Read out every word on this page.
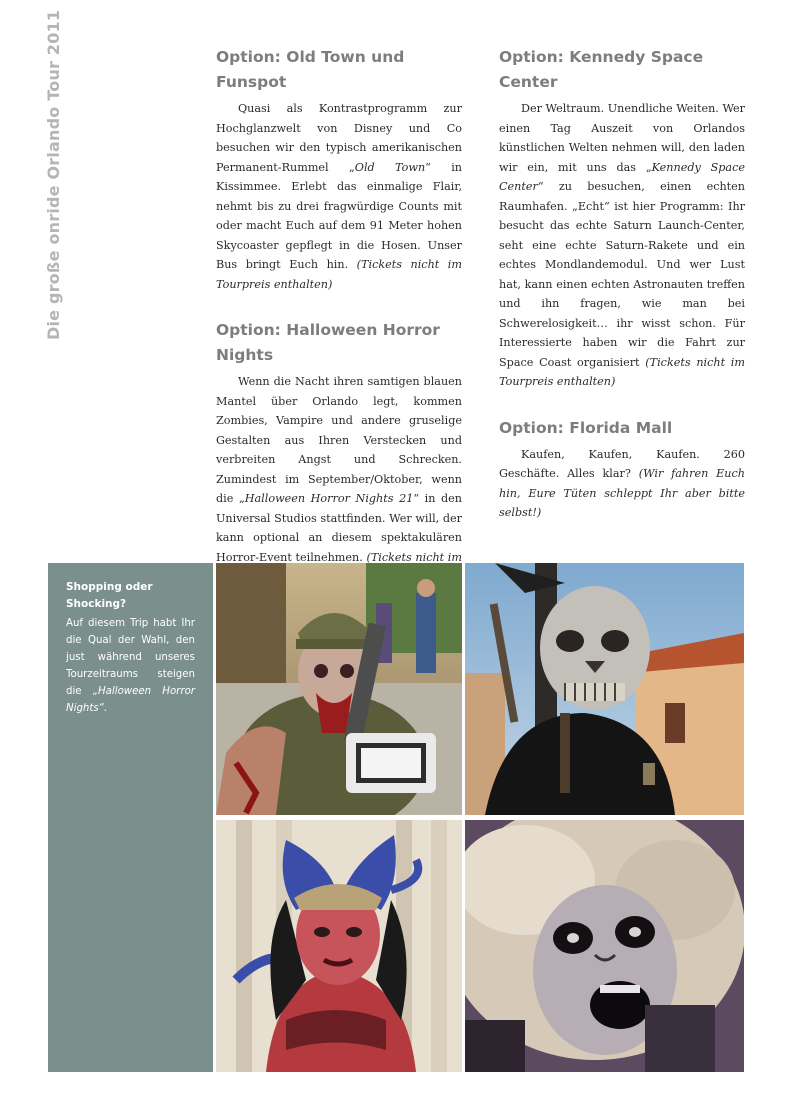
Die große onride Orlando Tour 2011	Option: Old Town und Funspot

Quasi als Kontrastprogramm zur Hochglanzwelt von Disney und Co besuchen wir den typisch amerikanischen Permanent-Rummel „Old Town“ in Kissimmee. Erlebt das einmalige Flair, nehmt bis zu drei fragwürdige Counts mit oder macht Euch auf dem 91 Meter hohen Skycoaster gepflegt in die Hosen. Unser Bus bringt Euch hin. (Tickets nicht im Tourpreis enthalten)

Option: Halloween Horror Nights

Wenn die Nacht ihren samtigen blauen Mantel über Orlando legt, kommen Zombies, Vampire und andere gruselige Gestalten aus Ihren Verstecken und verbreiten Angst und Schrecken. Zumindest im September/Oktober, wenn die „Halloween Horror Nights 21“ in den Universal Studios stattfinden. Wer will, der kann optional an diesem spektakulären Horror-Event teilnehmen. (Tickets nicht im

Option: Kennedy Space Center

Der Weltraum. Unendliche Weiten. Wer einen Tag Auszeit von Orlandos künstlichen Welten nehmen will, den laden wir ein, mit uns das „Kennedy Space Center“ zu besuchen, einen echten Raumhafen. „Echt“ ist hier Programm: Ihr besucht das echte Saturn Launch-Center, seht eine echte Saturn-Rakete und ein echtes Mondlandemodul. Und wer Lust hat, kann einen echten Astronauten treffen und ihn fragen, wie man bei Schwerelosigkeit… ihr wisst schon. Für Interessierte haben wir die Fahrt zur Space Coast organisiert (Tickets nicht im Tourpreis enthalten)

Option: Florida Mall

Kaufen, Kaufen, Kaufen. 260 Geschäfte. Alles klar? (Wir fahren Euch hin, Eure Tüten schleppt Ihr aber bitte selbst!)

Shopping oder Shocking?
Auf diesem Trip habt Ihr die Qual der Wahl, den just während unseres Tourzeitraums steigen die „Halloween Horror Nights“.
